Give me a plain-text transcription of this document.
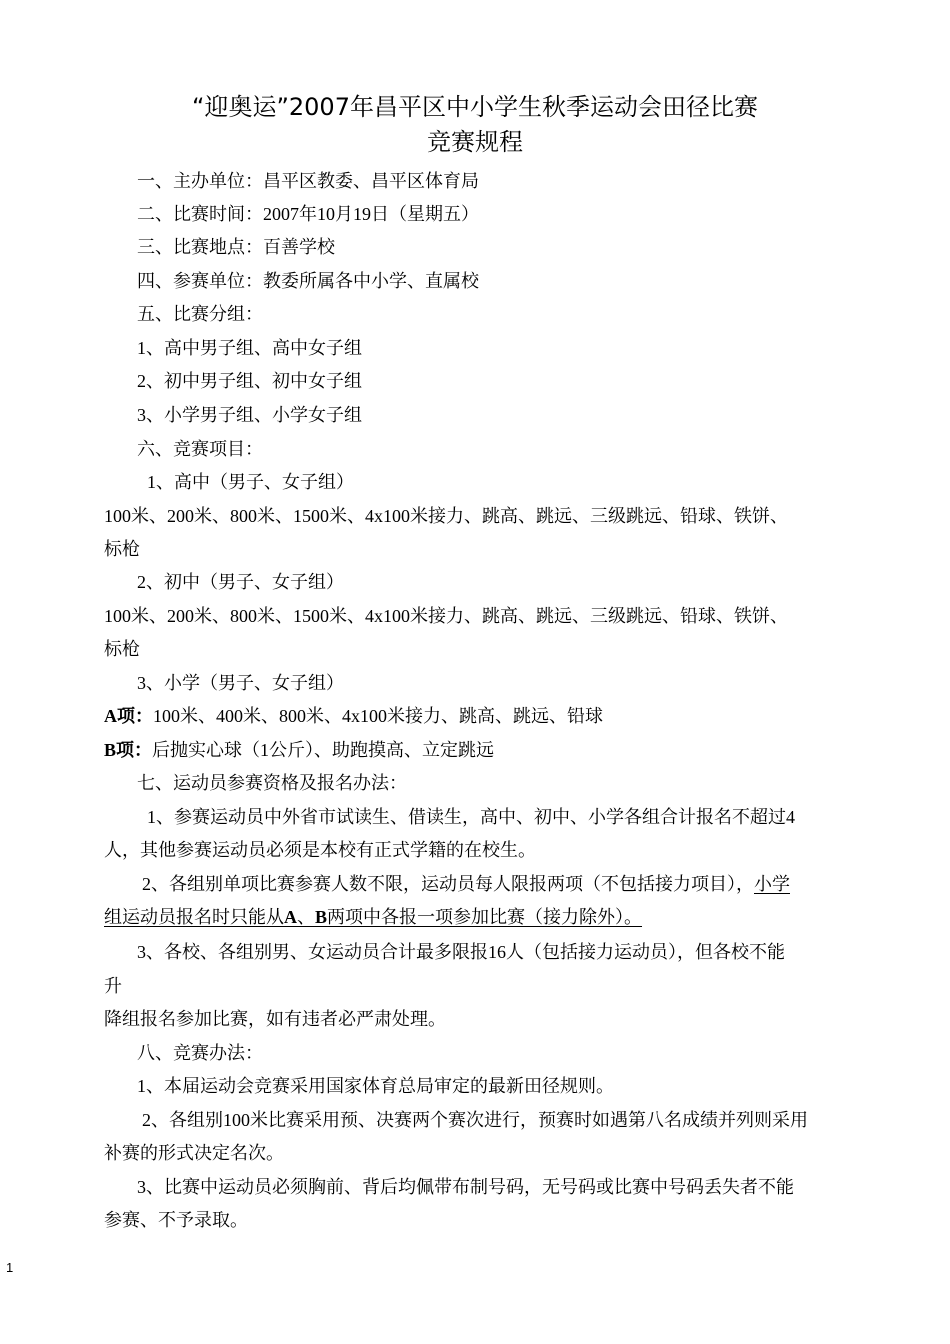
“迎奥运”2007年昌平区中小学生秋季运动会田径比赛
竞赛规程
一、主办单位：昌平区教委、昌平区体育局
二、比赛时间：2007年10月19日（星期五）
三、比赛地点：百善学校
四、参赛单位：教委所属各中小学、直属校
五、比赛分组：
1、高中男子组、高中女子组
2、初中男子组、初中女子组
3、小学男子组、小学女子组
六、竞赛项目：
1、高中（男子、女子组）
100米、200米、800米、1500米、4x100米接力、跳高、跳远、三级跳远、铅球、铁饼、
标枪
2、初中（男子、女子组）
100米、200米、800米、1500米、4x100米接力、跳高、跳远、三级跳远、铅球、铁饼、
标枪
3、小学（男子、女子组）
A项：100米、400米、800米、4x100米接力、跳高、跳远、铅球
B项：后抛实心球（1公斤）、助跑摸高、立定跳远
七、运动员参赛资格及报名办法：
1、参赛运动员中外省市试读生、借读生，高中、初中、小学各组合计报名不超过4
人，其他参赛运动员必须是本校有正式学籍的在校生。
2、各组别单项比赛参赛人数不限，运动员每人限报两项（不包括接力项目），小学
组运动员报名时只能从A、B两项中各报一项参加比赛（接力除外）。
3、各校、各组别男、女运动员合计最多限报16人（包括接力运动员），但各校不能
升
降组报名参加比赛，如有违者必严肃处理。
八、竞赛办法：
1、本届运动会竞赛采用国家体育总局审定的最新田径规则。
2、各组别100米比赛采用预、决赛两个赛次进行，预赛时如遇第八名成绩并列则采用
补赛的形式决定名次。
3、比赛中运动员必须胸前、背后均佩带布制号码，无号码或比赛中号码丢失者不能
参赛、不予录取。
1
